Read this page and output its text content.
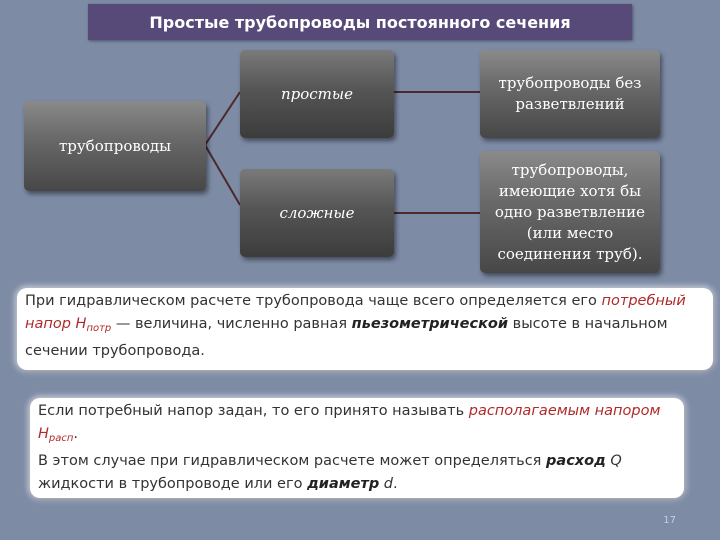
Простые трубопроводы постоянного сечения
трубопроводы
простые
сложные
трубопроводы без
разветвлений
трубопроводы,
имеющие хотя бы
одно разветвление
(или место
соединения труб).
При гидравлическом расчете трубопровода чаще всего определяется его потребный напор $H_{потр}$ — величина, численно равная пьезометрической высоте в начальном сечении трубопровода.
Если потребный напор задан, то его принято называть располагаемым напором $H_{расп}$.
В этом случае при гидравлическом расчете может определяться расход Q жидкости в трубопроводе или его диаметр d.
17
